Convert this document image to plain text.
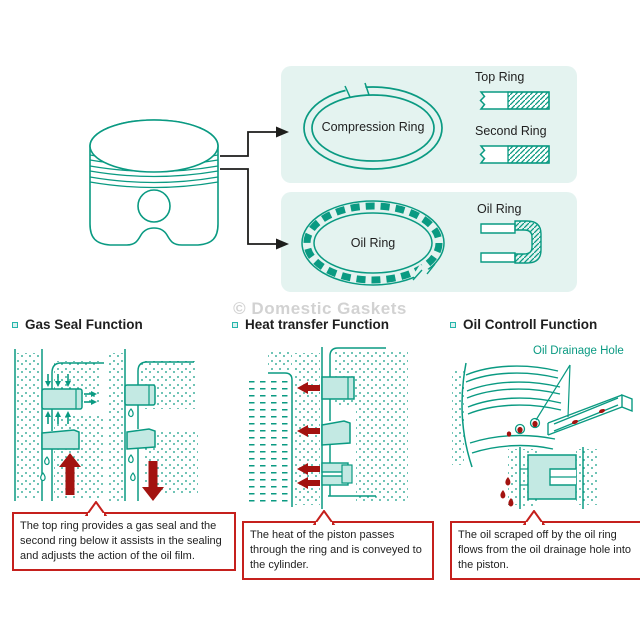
Compression Ring
Top Ring
Second Ring
Oil Ring
Oil Ring
© Domestic Gaskets
Gas Seal Function	Heat transfer Function	Oil Controll Function
Oil Drainage Hole
The top ring provides a gas seal and the second ring below it assists in the sealing and adjusts the action of the oil film.
The heat of the piston passes through the ring and is conveyed to the cylinder.
The oil scraped off by the oil ring flows from the oil drainage hole into the piston.
